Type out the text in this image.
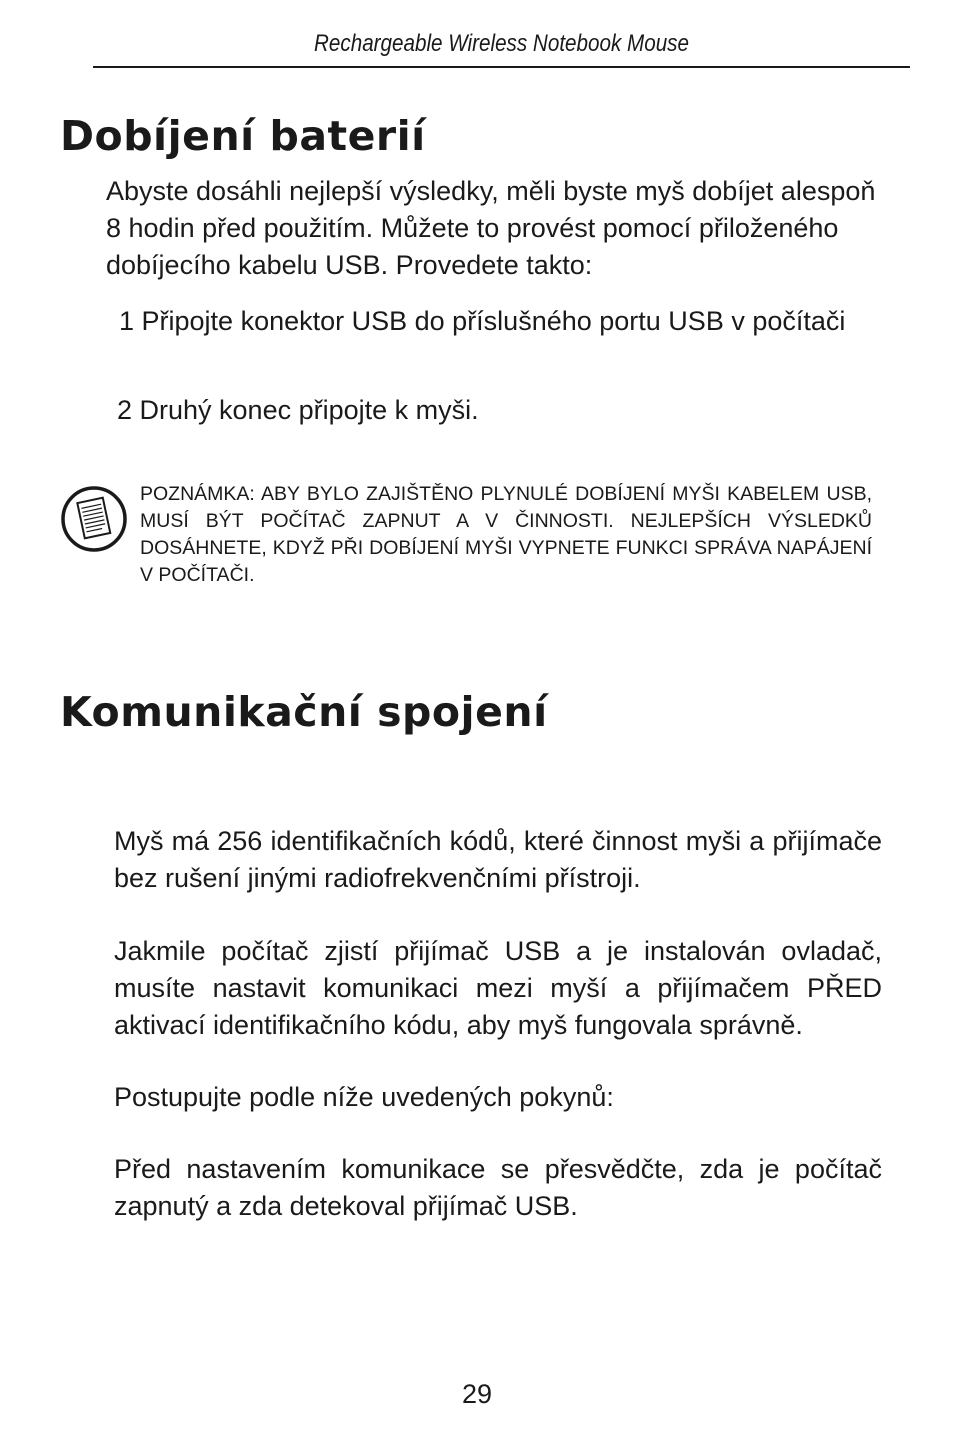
Rechargeable Wireless Notebook Mouse
Dobíjení baterií

Abyste dosáhli nejlepší výsledky, měli byste myš dobíjet alespoň 8 hodin před použitím. Můžete to provést pomocí přiloženého dobíjecího kabelu USB. Provedete takto:

1 Připojte konektor USB do příslušného portu USB v počítači

2 Druhý konec připojte k myši.

POZNÁMKA: ABY BYLO ZAJIŠTĚNO PLYNULÉ DOBÍJENÍ MYŠI KABELEM USB, MUSÍ BÝT POČÍTAČ ZAPNUT A V ČINNOSTI. NEJLEPŠÍCH VÝSLEDKŮ DOSÁHNETE, KDYŽ PŘI DOBÍJENÍ MYŠI VYPNETE FUNKCI SPRÁVA NAPÁJENÍ V POČÍTAČI.

Komunikační spojení

Myš má 256 identifikačních kódů, které činnost myši a přijímače bez rušení jinými radiofrekvenčními přístroji.

Jakmile počítač zjistí přijímač USB a je instalován ovladač, musíte nastavit komunikaci mezi myší a přijímačem PŘED aktivací identifikačního kódu, aby myš fungovala správně.

Postupujte podle níže uvedených pokynů:

Před nastavením komunikace se přesvědčte, zda je počítač zapnutý a zda detekoval přijímač USB.

29
